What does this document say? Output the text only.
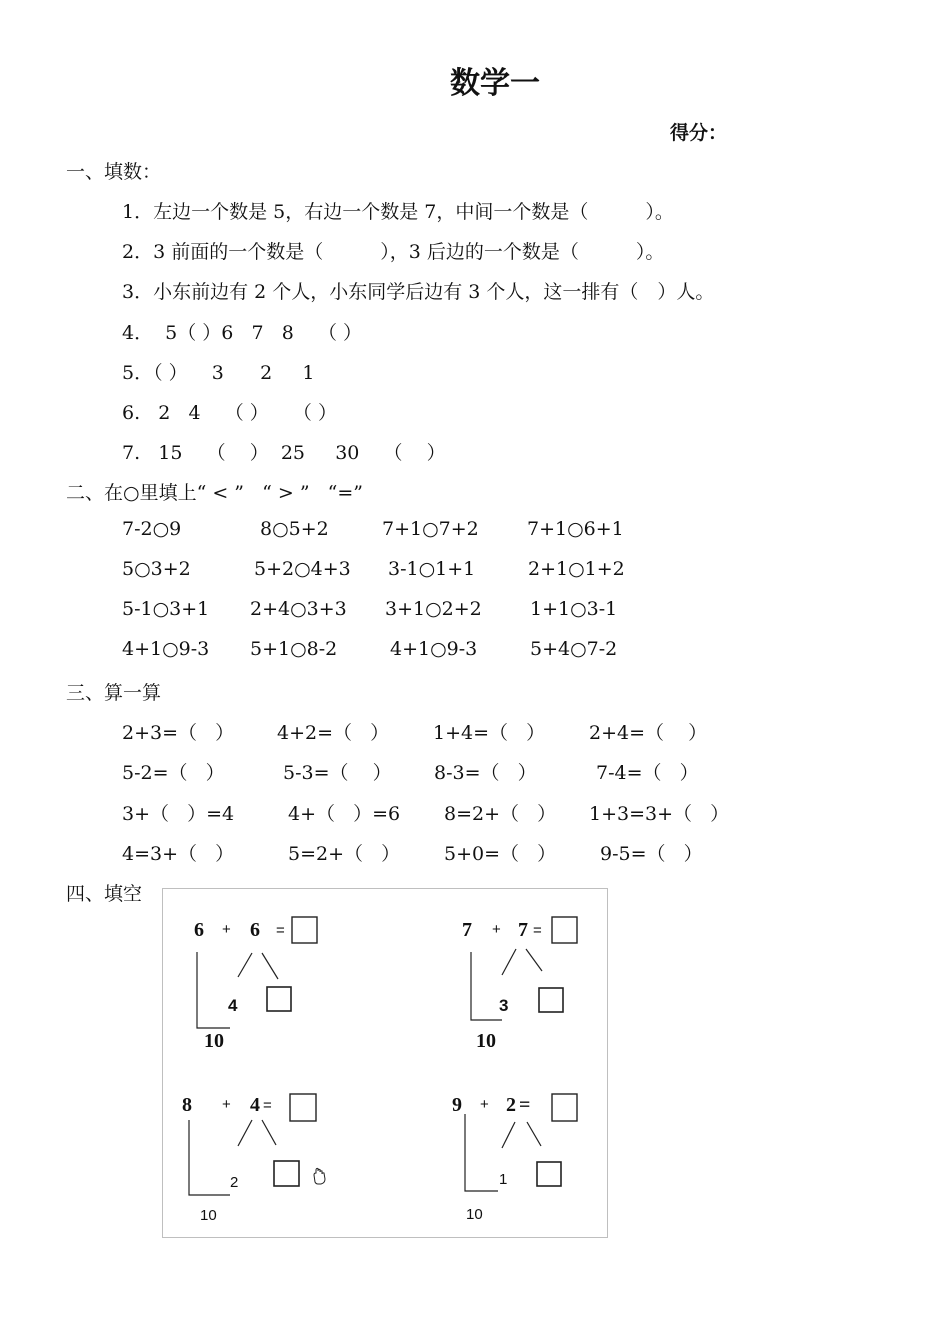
数学一
得分：
一、填数：
1．左边一个数是 5，右边一个数是 7，中间一个数是（　　　）。
2．3 前面的一个数是（　　　），3 后边的一个数是（　　　）。
3．小东前边有 2 个人，小东同学后边有 3 个人，这一排有（　）人。
4．  5（ ）6   7   8    （ ）
5．（ ）    3      2     1
6.   2   4    （ ）    （ ）
7.   15    （    ）  25     30    （    ）
二、在○里填上“ < ”   “ > ”   “=”
7-2○9	8○5+2	7+1○7+2	7+1○6+1
5○3+2	5+2○4+3 3-1○1+1	2+1○1+2
5-1○3+1 2+4○3+3 3+1○2+2	1+1○3-1
4+1○9-3 5+1○8-2	4+1○9-3	5+4○7-2
三、算一算
2+3=（   ） 4+2=（   ） 1+4=（   ） 2+4=（    ）
5-2=（   ）	5-3=（    ） 8-3=（   ）	7-4=（   ）
3+（   ）=4	4+（   ）=6 8=2+（   ） 1+3=3+（   ）
4=3+（   ）	5=2+（   ） 5+0=（   ） 9-5=（   ）
四、填空
6 + 6 =
4
10
7 + 7 =
3
10
8 + 4 =
2
10
9 + 2 =
1
10
